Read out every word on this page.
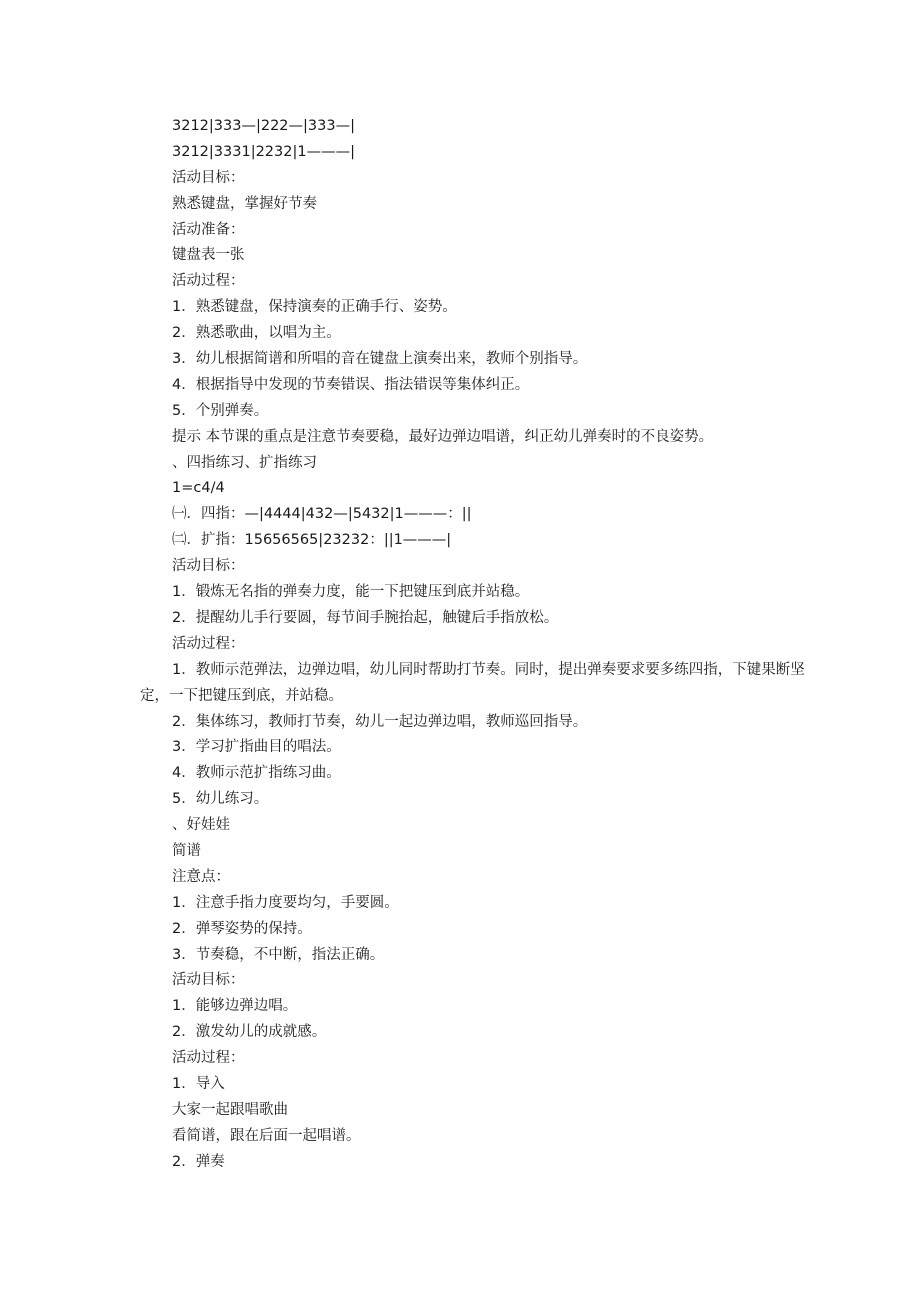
3212|333—|222—|333—|
3212|3331|2232|1———|
活动目标：
熟悉键盘，掌握好节奏
活动准备：
键盘表一张
活动过程：
1．熟悉键盘，保持演奏的正确手行、姿势。
2．熟悉歌曲，以唱为主。
3．幼儿根据简谱和所唱的音在键盘上演奏出来，教师个别指导。
4．根据指导中发现的节奏错误、指法错误等集体纠正。
5．个别弹奏。
提示 本节课的重点是注意节奏要稳，最好边弹边唱谱，纠正幼儿弹奏时的不良姿势。
、四指练习、扩指练习
1=c4/4
㈠．四指：—|4444|432—|5432|1———：||
㈡．扩指：15656565|23232：||1———|
活动目标：
1．锻炼无名指的弹奏力度，能一下把键压到底并站稳。
2．提醒幼儿手行要圆，每节间手腕抬起，触键后手指放松。
活动过程：
1．教师示范弹法，边弹边唱，幼儿同时帮助打节奏。同时，提出弹奏要求要多练四指，下键果断坚定，一下把键压到底，并站稳。
2．集体练习，教师打节奏，幼儿一起边弹边唱，教师巡回指导。
3．学习扩指曲目的唱法。
4．教师示范扩指练习曲。
5．幼儿练习。
、好娃娃
简谱
注意点：
1．注意手指力度要均匀，手要圆。
2．弹琴姿势的保持。
3．节奏稳，不中断，指法正确。
活动目标：
1．能够边弹边唱。
2．激发幼儿的成就感。
活动过程：
1．导入
大家一起跟唱歌曲
看简谱，跟在后面一起唱谱。
2．弹奏
